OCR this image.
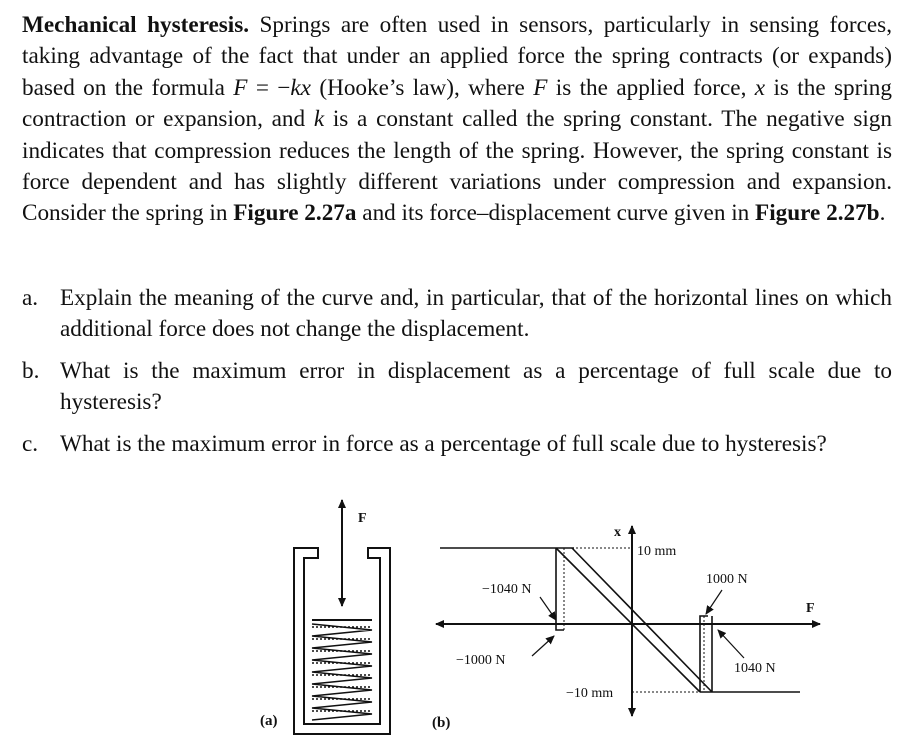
Mechanical hysteresis. Springs are often used in sensors, particularly in sensing forces, taking advantage of the fact that under an applied force the spring contracts (or expands) based on the formula F = −kx (Hooke’s law), where F is the applied force, x is the spring contraction or expansion, and k is a constant called the spring constant. The negative sign indicates that compression reduces the length of the spring. However, the spring constant is force dependent and has slightly different variations under compression and expansion. Consider the spring in Figure 2.27a and its force–displacement curve given in Figure 2.27b.

a. Explain the meaning of the curve and, in particular, that of the horizontal lines on which additional force does not change the displacement.
b. What is the maximum error in displacement as a percentage of full scale due to hysteresis?
c. What is the maximum error in force as a percentage of full scale due to hysteresis?
F
(a)
F
x
10 mm
−10 mm
−1040 N
−1000 N
1000 N
1040 N
(b)
